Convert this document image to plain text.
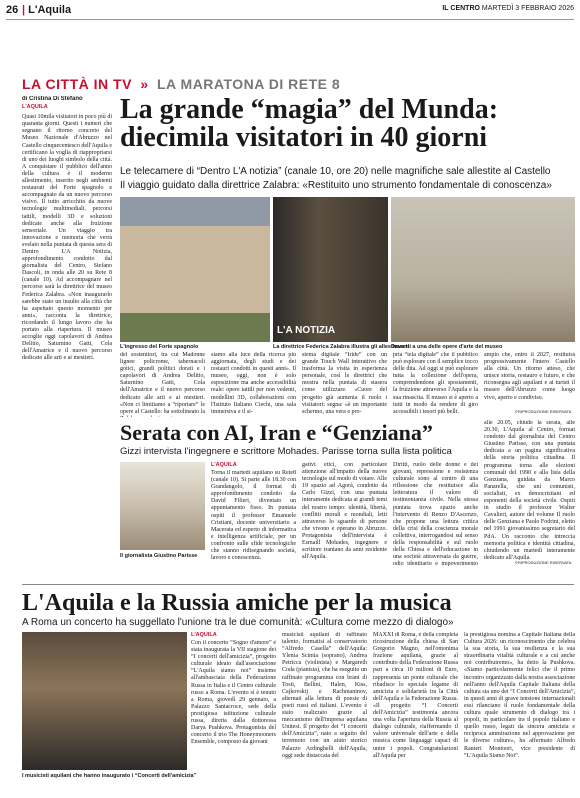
26 | L'Aquila	IL CENTRO MARTEDÌ 3 FEBBRAIO 2026
LA CITTÀ IN TV » LA MARATONA DI RETE 8
di Cristina Di Stefano
L'AQUILA

Quasi 10mila visitatori in poco più di quaranta giorni. Questi i numeri che segnano il ritorno concreto del Museo Nazionale d'Abruzzo nel Castello cinquecentesco dell'Aquila e certificano la voglia di riappropriarsi di uno dei luoghi simbolo della città. A conquistare il pubblico dell'anno della cultura è il moderno allestimento, inserito negli ambienti restaurati del Forte spagnolo e accompagnato da un nuovo percorso visivo. Il tutto arricchito da nuove tecnologie multimediali, percorsi tattili, modelli 3D e soluzioni dedicate anche alla fruizione sensoriale. Un viaggio tra innovazione e memoria che verrà svelato nella puntata di questa sera di Dentro L'A Notizia, approfondimento condotto dal giornalista del Centro, Stefano Dascoli, in onda alle 20 su Rete 8 (canale 10). Ad accompagnare nel percorso sarà la direttrice del museo Federica Zalabra. «Non inaugurarlo sarebbe stato un insulto alla città che ha aspettato questo momento per anni», racconta la direttrice, ricordando il lungo lavoro che ha portato alla riapertura. Il museo accoglie oggi capolavori di Andrea Delitio, Saturnino Gatti, Cola dell'Amatrice e il nuovo percorso dedicato alle arti e ai mestieri.

La grande “magia” del Munda:
diecimila visitatori in 40 giorni
Le telecamere di “Dentro L'A notizia” (canale 10, ore 20) nelle magnifiche sale allestite al Castello
Il viaggio guidato dalla direttrice Zalabra: «Restituito uno strumento fondamentale di conoscenza»
L'A NOTIZIA
L'ingresso del Forte spagnolo	La direttrice Federica Zalabra illustra gli allestimenti
Davanti a una delle opere d'arte del museo
dei sostenitori, tra cui Madonne lignee policrome, tabernacoli gotici, grandi politici dorati e i capolavori di Andrea Delitio, Saturnino Gatti, Cola dell'Amatrice e il nuovo percorso dedicato alle arti e ai mestieri. «Non ci limitiamo a “riportare” le opere al Castello: ha sottolineato la
siamo alla luce della ricerca più aggiornata, degli studi e dei restauri condotti in questi anni». Il museo, oggi, non è solo esposizione ma anche accessibilità reale: opere tattili per non vedenti, modellini 3D, collaborazioni con l'Istituto Italiano Ciechi, una sala immersiva e il si-
stema digitale “Iride” con un grande Touch Wall interattivo che trasforma la visita in esperienza personale, così le direttrici che mostra nella puntata di stasera come utilizzare. «Cuore del progetto già aumenta il ruolo i visitatori: segna: «è un importante schermo, una vera e pro-
pria “tela digitale” che il pubblico può esplorare con il semplice tocco delle dita. Ad oggi si può esplorare tutta la collezione dell'opera, comprendendone gli spostamenti, la fruizione attraverso l'Aquila e la sua rinascita. Il museo si è aperto a tutti in modo da rendere di giro accessibili i tesori più belli.
ampio che, entro il 2027, restituirà progressivamente l'intero Castello alla città. Un ritorno atteso, che unisce storia, restauro e futuro, e che riconsegna agli aquilani e ai turisti il museo dell'Abruzzo come luogo vivo, aperto e condiviso.
©RIPRODUZIONE RISERVATA
Serata con AI, Iran e “Genziana”
Gizzi intervista l'ingegnere e scrittore Mohades. Parisse torna sulla lista politica
Il giornalista Giustino Parisse
L'AQUILA
Torna il martedì aquilano su Rete8 (canale 10). Si parte alle 18.30 con Grandangolo, il format di approfondimento condotto da David Filieri, diventato un appuntamento fisso. In puntata ospiti il professor Emanuele Cristiani, docente universitario a Macerata ed esperto di informatica e intelligenza artificiale, per un confronto sulle sfide tecnologiche che stanno ridisegnando società, lavoro e conoscenza.
gativi etici, con particolare attenzione all'impatto della nuove tecnologie sul modo di votare. Alle 19 spazio ad Agorà, condotto da Carlo Gizzi, con una puntata interamente dedicata ai grandi temi del nostro tempo: identità, libertà, conflitti morali e mondiali, letti attraverso lo sguardo di persone che vivono e operano in Abruzzo. Protagonista dell'intervista è Esmaill Mohades, ingegnere e scrittore iraniano da anni residente all'Aquila.
Diritti, ruolo delle donne e dei giovani, repressione e resistenza culturale sono al centro di una riflessione che restituisce alla letteratura il valore di testimonianza civile. Nella stessa puntata trova spazio anche l'intervento di Renzo D'Ascenzo, che propone una lettura critica della crisi della coscienza morale collettiva, interrogandosi sul senso della responsabilità e sul ruolo della Chiesa e dell'educazione in una società attraversata da guerre, odio identitario e impoverimento
alle 20.05, chiude la serata, alle 20.30, L'Aquila al Centro, format condotto dal giornalista del Centro Giustino Parisse, con una puntata dedicata a un pagina significativa della storia politica cittadina. Il programma torna alle elezioni comunali del 1990 e alla lista della Genziana, guidata da Marco Panarella, che unì comunisti, socialisti, ex democristiani ed esponenti della società civile. Ospiti in studio il professor Walter Cavalieri, autore del volume Il ruolo delle Genziana e Paolo Fodrini, eletto nel 1991 giovanissimo segretario del PdA. Un racconto che intreccia memoria politica e identità cittadina, chiudendo un martedì interamente dedicato all'Aquila.
©RIPRODUZIONE RISERVATA
L'Aquila e la Russia amiche per la musica
A Roma un concerto ha suggellato l'unione tra le due comunità: «Cultura come mezzo di dialogo»
I musicisti aquilani che hanno inaugurato i “Concerti dell'amicizia”
L'AQUILA
Con il concerto “Sogno d'amore” è stata inaugurata la VII stagione dei “I concerti dell'amicizia”, progetto culturale ideato dall'associazione “L'Aquila siamo noi” insieme all'ambasciata della Federazione Russa in Italia e il Centro culturale russo a Roma. L'evento si è tenuto a Roma, giovedì 29 gennaio, a Palazzo Santacroce, sede della prestigiosa istituzione culturale russa, diretta dalla dottoressa Darya Pushkova. Protagonista del concerto il trio The Honeymooners Ensemble, composto da giovani
musicisti aquilani di raffinato talento, formatisi al conservatorio “Alfredo Casella” dell'Aquila: Ylenia Scimia (soprano), Andrea Petricca (violinista) e Margareth Coda (pianista), che ha eseguito un raffinato programma con brani di Tosti, Bellini, Halen, Kiss, Cajkovskij e Rachmaninov, alternati alla lettura di poesie di poeti russi ed italiani. L'evento è stato realizzato grazie al meccanismo dell'impresa aquilana Unitest. Il progetto dei “I concerti dell'Amicizia”, nato a seguito del terremoto con un aiuto storico Palazzo Ardinghelli dell'Aquila, oggi sede distaccata del
MAXXI di Roma, è della completa ricostruzione della chiesa di San Gregorio Magno, nell'omonima frazione aquilana, grazie al contributo della Federazione Russa pari a circa 10 milioni di Euro, rappresenta un ponte culturale che ribadisce lo speciale legame di amicizia e solidarietà tra la Città dell'Aquila e la Federazione Russa. «Il progetto “I Concerti dell'Amicizia” testimonia ancora una volta l'apertura della Russia al dialogo culturale, riaffermando il valore universale dell'arte e della musica come linguaggi capaci di unire i popoli. Congratulazioni all'Aquila per
la prestigiosa nomina a Capitale Italiana della Cultura 2026: un riconoscimento che celebra la sua storia, la sua resilienza e la sua straordinaria vitalità culturale e a cui anche noi contribuiremo», ha detto la Pushkova. «Siamo particolarmente felici che il primo incontro organizzato dalla nostra associazione nell'anno dell'Aquila Capitale Italiana della cultura sia uno dei “I Concerti dell'Amicizia”, in questi anni di grave tensione internazionali essi rilanciano il ruolo fondamentale della cultura quale strumento di dialogo tra i popoli, in particolare tra il popolo italiano e quello russo, legati da sincera amicizia e reciproca ammirazione nel approvazione per le diverse culture», ha affermato Alfredo Ranieri Montoori, vice presidente di “L'Aquila Siamo Noi”.
